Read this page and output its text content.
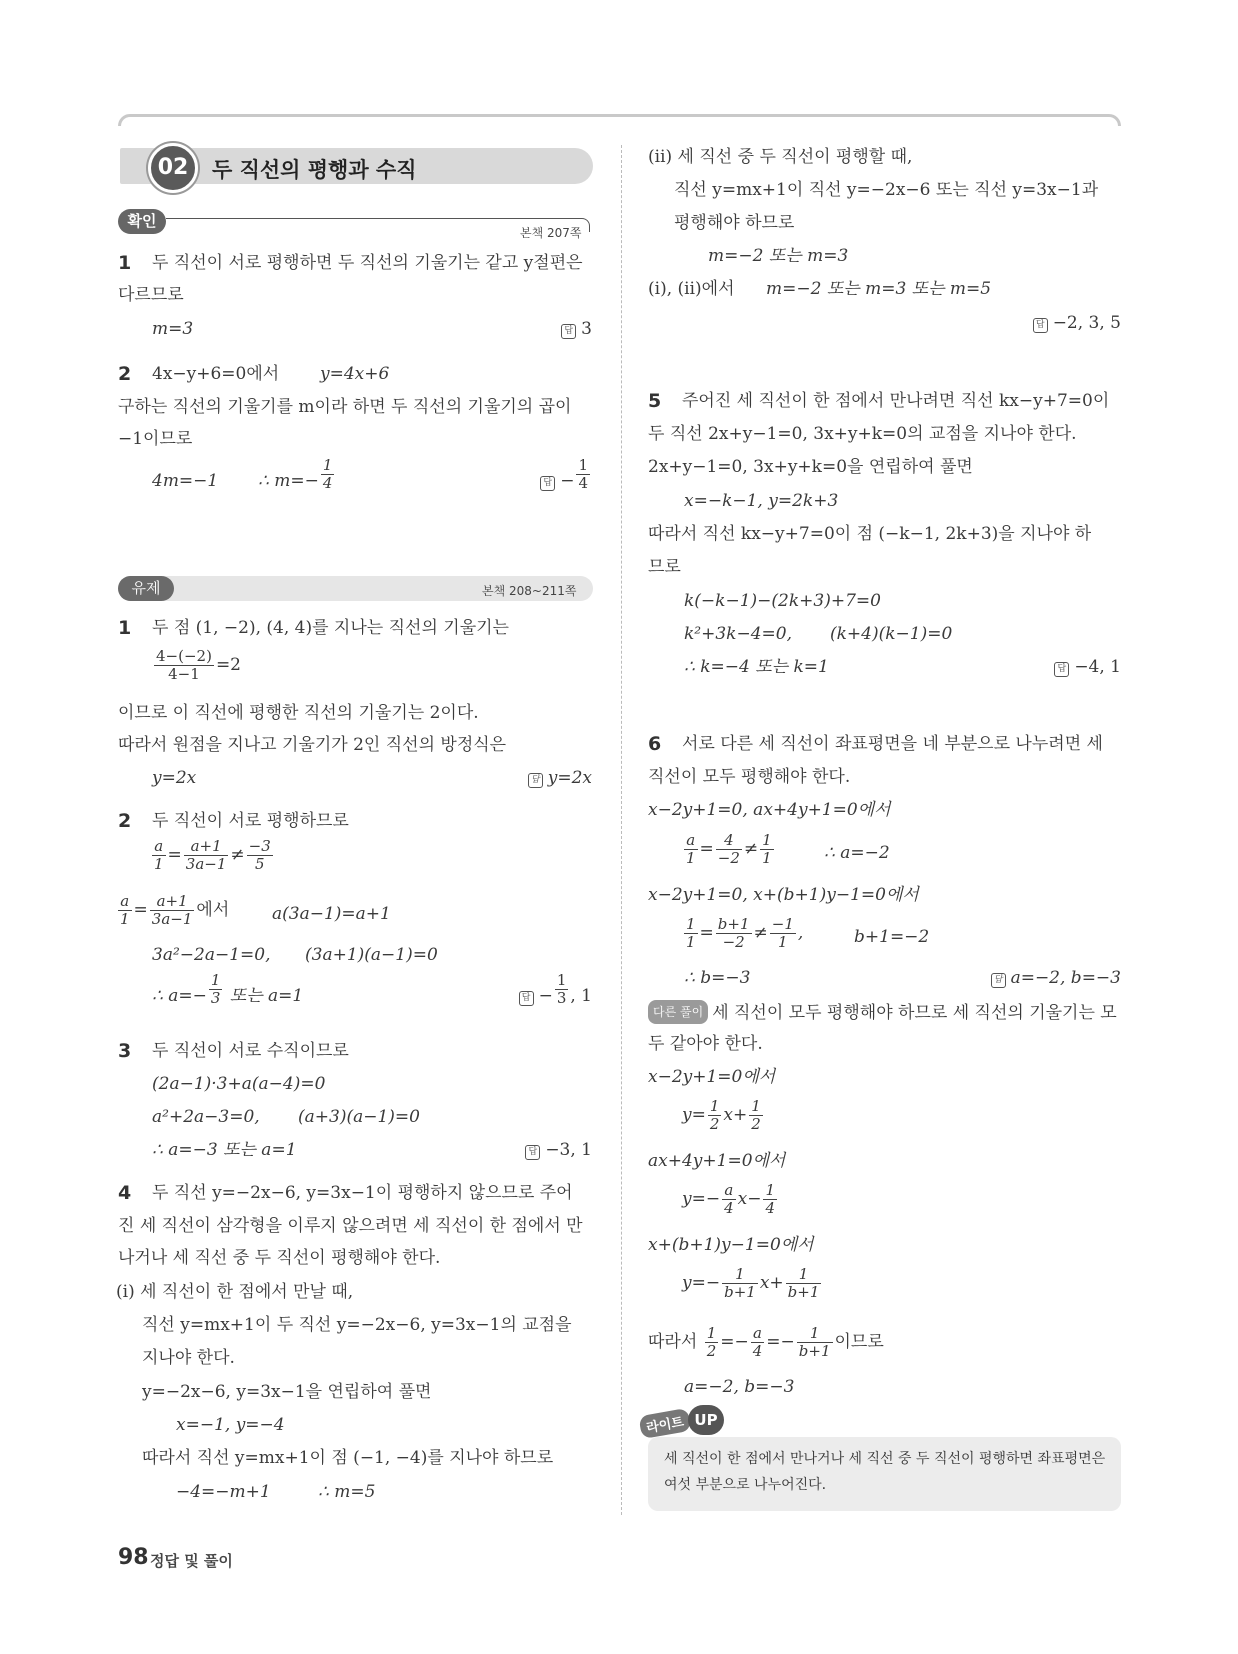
02	두 직선의 평행과 수직
확인
본책 207쪽
1 두 직선이 서로 평행하면 두 직선의 기울기는 같고 y절편은
다르므로
m=3	답 3
2 4x−y+6=0에서 y=4x+6
구하는 직선의 기울기를 m이라 하면 두 직선의 기울기의 곱이
−1이므로
4m=−1 ∴ $m=- \frac{1}{4}$	답 − $\frac{1}{4}$
유제	본책 208~211쪽
1 두 점 (1, −2), (4, 4)를 지나는 직선의 기울기는
$\frac{4-(-2)}{4-1} =2$
이므로 이 직선에 평행한 직선의 기울기는 2이다.
따라서 원점을 지나고 기울기가 2인 직선의 방정식은
y=2x	답 y=2x
2 두 직선이 서로 평행하므로
$\frac{a}{1} = \frac{a+1}{3a-1} \ne \frac{-3}{5}$
$\frac{a}{1} = \frac{a+1}{3a-1}$ 에서	a(3a−1)=a+1
3a²−2a−1=0, (3a+1)(a−1)=0
∴ $a=- \frac{1}{3}$ 또는 a=1	답 − $\frac{1}{3}$ , 1
3 두 직선이 서로 수직이므로
(2a−1)·3+a(a−4)=0
a²+2a−3=0, (a+3)(a−1)=0
∴ a=−3 또는 a=1	답 −3, 1
4 두 직선 y=−2x−6, y=3x−1이 평행하지 않으므로 주어
진 세 직선이 삼각형을 이루지 않으려면 세 직선이 한 점에서 만
나거나 세 직선 중 두 직선이 평행해야 한다.
(ⅰ) 세 직선이 한 점에서 만날 때,
직선 y=mx+1이 두 직선 y=−2x−6, y=3x−1의 교점을
지나야 한다.
y=−2x−6, y=3x−1을 연립하여 풀면
x=−1, y=−4
따라서 직선 y=mx+1이 점 (−1, −4)를 지나야 하므로
−4=−m+1	∴ m=5
(ⅱ) 세 직선 중 두 직선이 평행할 때,
직선 y=mx+1이 직선 y=−2x−6 또는 직선 y=3x−1과
평행해야 하므로
m=−2 또는 m=3
(ⅰ), (ⅱ)에서 m=−2 또는 m=3 또는 m=5
답 −2, 3, 5
5 주어진 세 직선이 한 점에서 만나려면 직선 kx−y+7=0이
두 직선 2x+y−1=0, 3x+y+k=0의 교점을 지나야 한다.
2x+y−1=0, 3x+y+k=0을 연립하여 풀면
x=−k−1, y=2k+3
따라서 직선 kx−y+7=0이 점 (−k−1, 2k+3)을 지나야 하
므로
k(−k−1)−(2k+3)+7=0
k²+3k−4=0, (k+4)(k−1)=0
∴ k=−4 또는 k=1	답 −4, 1
6 서로 다른 세 직선이 좌표평면을 네 부분으로 나누려면 세
직선이 모두 평행해야 한다.
x−2y+1=0, ax+4y+1=0에서
$\frac{a}{1} = \frac{4}{-2} \ne \frac{1}{1}$	∴ a=−2
x−2y+1=0, x+(b+1)y−1=0에서
$\frac{1}{1} = \frac{b+1}{-2} \ne \frac{-1}{1}$ ,	b+1=−2
∴ b=−3	답 a=−2, b=−3
다른 풀이 세 직선이 모두 평행해야 하므로 세 직선의 기울기는 모
두 같아야 한다.
x−2y+1=0에서
$y= \frac{1}{2} x+ \frac{1}{2}$
ax+4y+1=0에서
$y=- \frac{a}{4} x- \frac{1}{4}$
x+(b+1)y−1=0에서
$y=- \frac{1}{b+1} x+ \frac{1}{b+1}$
따라서 $\frac{1}{2} =- \frac{a}{4} =- \frac{1}{b+1}$ 이므로
a=−2, b=−3
라이트 UP
세 직선이 한 점에서 만나거나 세 직선 중 두 직선이 평행하면 좌표평면은
여섯 부분으로 나누어진다.
98 정답 및 풀이
